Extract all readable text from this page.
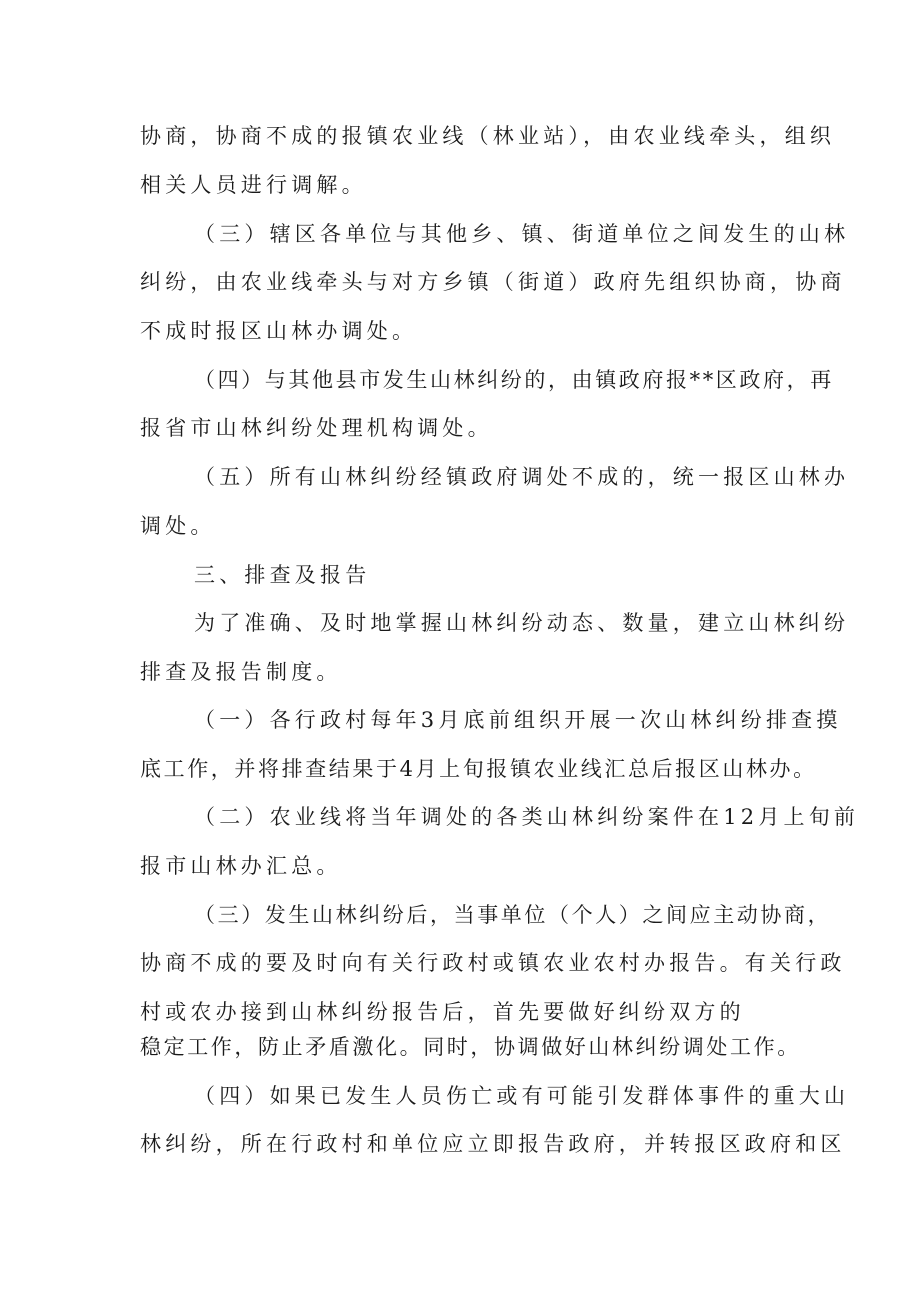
协商，协商不成的报镇农业线（林业站），由农业线牵头，组织
相关人员进行调解。
（三）辖区各单位与其他乡、镇、街道单位之间发生的山林
纠纷，由农业线牵头与对方乡镇（街道）政府先组织协商，协商
不成时报区山林办调处。
（四）与其他县市发生山林纠纷的，由镇政府报**区政府，再
报省市山林纠纷处理机构调处。
（五）所有山林纠纷经镇政府调处不成的，统一报区山林办
调处。
三、排查及报告
为了准确、及时地掌握山林纠纷动态、数量，建立山林纠纷
排查及报告制度。
（一）各行政村每年3月底前组织开展一次山林纠纷排查摸
底工作，并将排查结果于4月上旬报镇农业线汇总后报区山林办。
（二）农业线将当年调处的各类山林纠纷案件在12月上旬前
报市山林办汇总。
（三）发生山林纠纷后，当事单位（个人）之间应主动协商，
协商不成的要及时向有关行政村或镇农业农村办报告。有关行政
村或农办接到山林纠纷报告后，首先要做好纠纷双方的
稳定工作，防止矛盾激化。同时，协调做好山林纠纷调处工作。
（四）如果已发生人员伤亡或有可能引发群体事件的重大山
林纠纷，所在行政村和单位应立即报告政府，并转报区政府和区
